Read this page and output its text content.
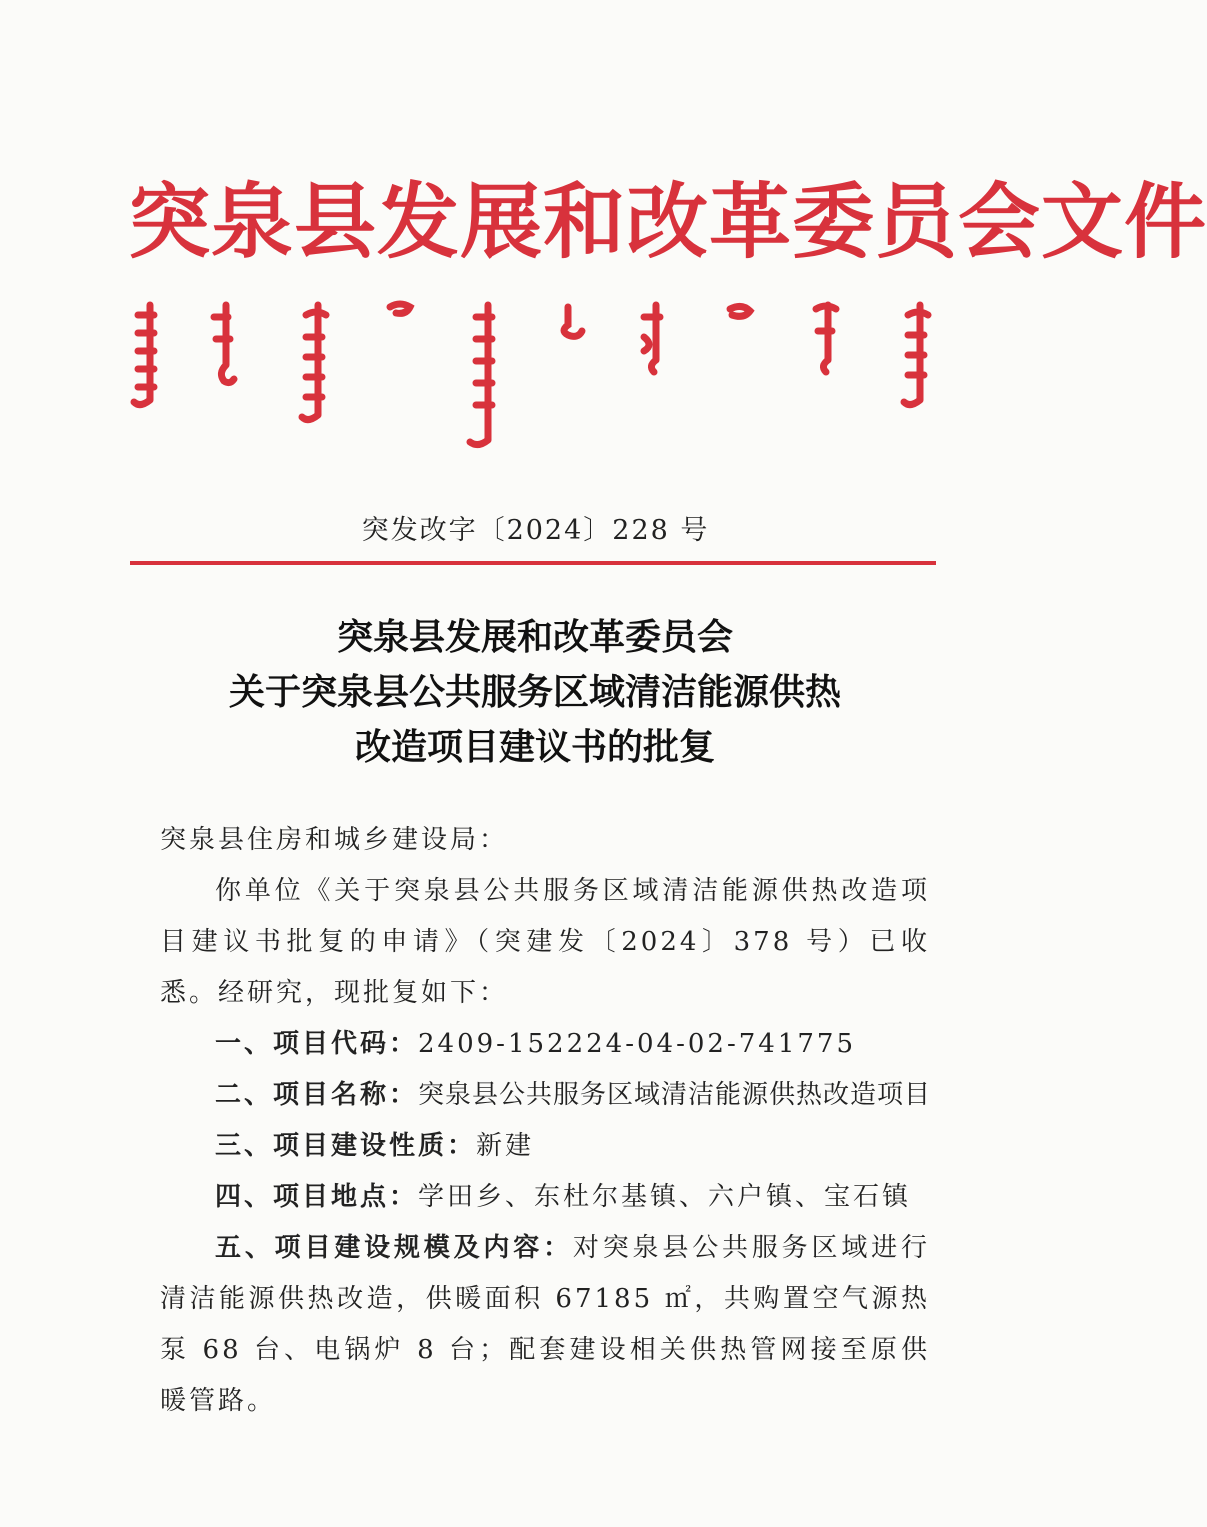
突泉县发展和改革委员会文件
突发改字〔2024〕228 号
突泉县发展和改革委员会
关于突泉县公共服务区域清洁能源供热
改造项目建议书的批复

突泉县住房和城乡建设局：

你单位《关于突泉县公共服务区域清洁能源供热改造项目建议书批复的申请》（突建发〔2024〕378 号）已收悉。经研究，现批复如下：

一、项目代码：2409-152224-04-02-741775

二、项目名称：突泉县公共服务区域清洁能源供热改造项目

三、项目建设性质：新建

四、项目地点：学田乡、东杜尔基镇、六户镇、宝石镇

五、项目建设规模及内容：对突泉县公共服务区域进行清洁能源供热改造，供暖面积 67185 ㎡，共购置空气源热泵 68 台、电锅炉 8 台；配套建设相关供热管网接至原供暖管路。
